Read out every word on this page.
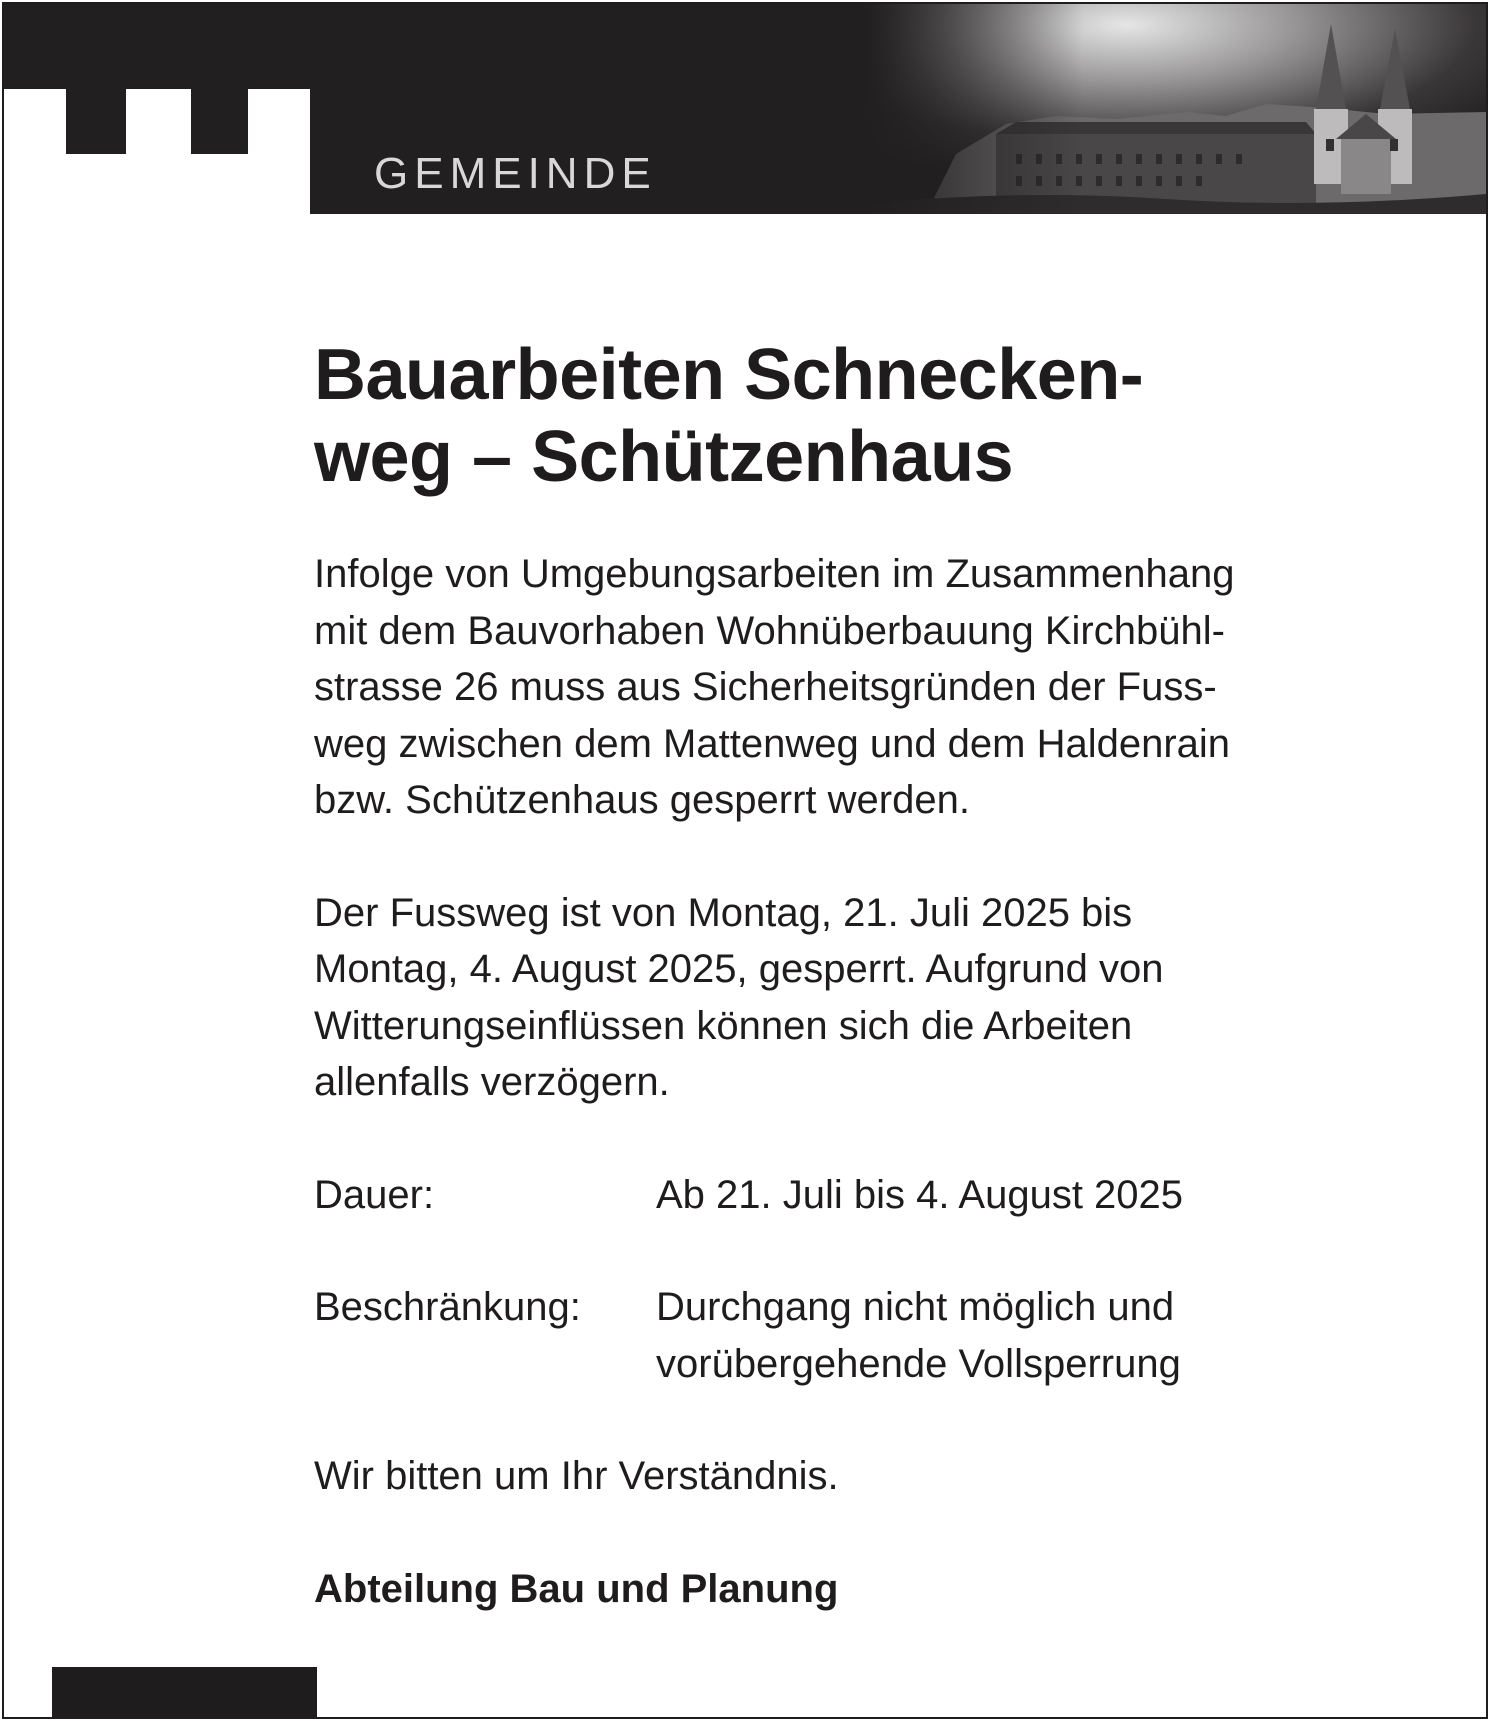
GEMEINDE
Bauarbeiten Schnecken-
weg – Schützenhaus

Infolge von Umgebungsarbeiten im Zusammenhang
mit dem Bauvorhaben Wohnüberbauung Kirchbühl-
strasse 26 muss aus Sicherheitsgründen der Fuss-
weg zwischen dem Mattenweg und dem Haldenrain
bzw. Schützenhaus gesperrt werden.

Der Fussweg ist von Montag, 21. Juli 2025 bis
Montag, 4. August 2025, gesperrt. Aufgrund von
Witterungseinflüssen können sich die Arbeiten
allenfalls verzögern.

Dauer:	Ab 21. Juli bis 4. August 2025
Beschränkung:	Durchgang nicht möglich und
vorübergehende Vollsperrung

Wir bitten um Ihr Verständnis.

Abteilung Bau und Planung
